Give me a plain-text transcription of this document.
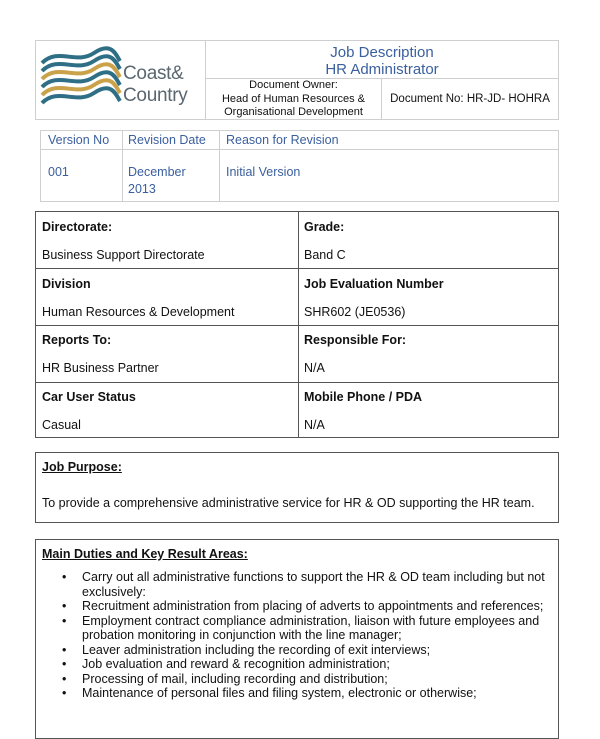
Coast&
Country
Job Description
HR Administrator
Document Owner:
Head of Human Resources &
Organisational Development
Document No: HR-JD- HOHRA
Version No Revision Date Reason for Revision
001	December
2013
Initial Version
Directorate:
Business Support Directorate
Grade:
Band C
Division
Human Resources & Development
Job Evaluation Number
SHR602 (JE0536)
Reports To:
HR Business Partner
Responsible For:
N/A
Car User Status
Casual
Mobile Phone / PDA
N/A
Job Purpose:
To provide a comprehensive administrative service for HR & OD supporting the HR team.
Main Duties and Key Result Areas:
• Carry out all administrative functions to support the HR & OD team including but not exclusively:
• Recruitment administration from placing of adverts to appointments and references;
• Employment contract compliance administration, liaison with future employees and probation monitoring in conjunction with the line manager;
• Leaver administration including the recording of exit interviews;
• Job evaluation and reward & recognition administration;
• Processing of mail, including recording and distribution;
• Maintenance of personal files and filing system, electronic or otherwise;
